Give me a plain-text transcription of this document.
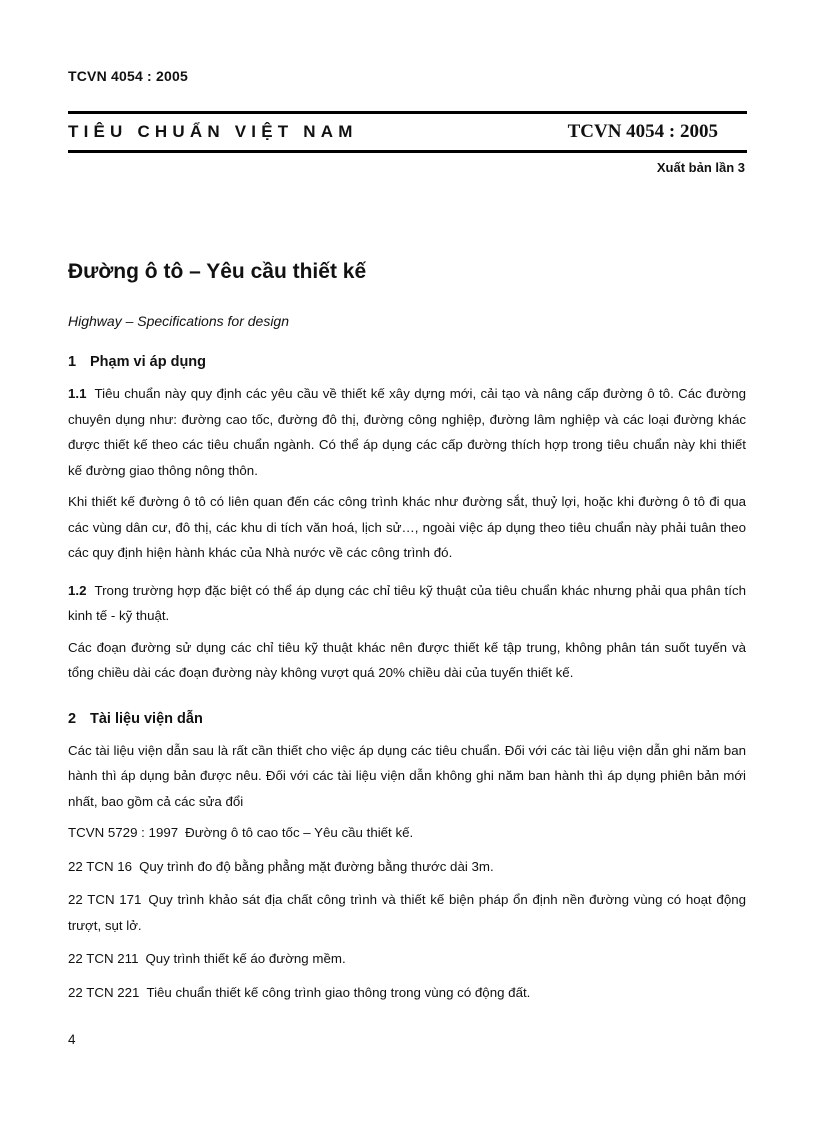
TCVN 4054 : 2005
TIÊU CHUẨN VIỆT NAM	TCVN 4054 : 2005
Xuất bản lần 3
Đường ô tô – Yêu cầu thiết kế
Highway – Specifications for design
1 Phạm vi áp dụng

1.1 Tiêu chuẩn này quy định các yêu cầu về thiết kế xây dựng mới, cải tạo và nâng cấp đường ô tô. Các đường chuyên dụng như: đường cao tốc, đường đô thị, đường công nghiệp, đường lâm nghiệp và các loại đường khác được thiết kế theo các tiêu chuẩn ngành. Có thể áp dụng các cấp đường thích hợp trong tiêu chuẩn này khi thiết kế đường giao thông nông thôn.

Khi thiết kế đường ô tô có liên quan đến các công trình khác như đường sắt, thuỷ lợi, hoặc khi đường ô tô đi qua các vùng dân cư, đô thị, các khu di tích văn hoá, lịch sử…, ngoài việc áp dụng theo tiêu chuẩn này phải tuân theo các quy định hiện hành khác của Nhà nước về các công trình đó.

1.2 Trong trường hợp đặc biệt có thể áp dụng các chỉ tiêu kỹ thuật của tiêu chuẩn khác nhưng phải qua phân tích kinh tế - kỹ thuật.

Các đoạn đường sử dụng các chỉ tiêu kỹ thuật khác nên được thiết kế tập trung, không phân tán suốt tuyến và tổng chiều dài các đoạn đường này không vượt quá 20% chiều dài của tuyến thiết kế.

2 Tài liệu viện dẫn

Các tài liệu viện dẫn sau là rất cần thiết cho việc áp dụng các tiêu chuẩn. Đối với các tài liệu viện dẫn ghi năm ban hành thì áp dụng bản được nêu. Đối với các tài liệu viện dẫn không ghi năm ban hành thì áp dụng phiên bản mới nhất, bao gồm cả các sửa đổi

TCVN 5729 : 1997 Đường ô tô cao tốc – Yêu cầu thiết kế.

22 TCN 16 Quy trình đo độ bằng phẳng mặt đường bằng thước dài 3m.

22 TCN 171 Quy trình khảo sát địa chất công trình và thiết kế biện pháp ổn định nền đường vùng có hoạt động trượt, sụt lở.

22 TCN 211 Quy trình thiết kế áo đường mềm.

22 TCN 221 Tiêu chuẩn thiết kế công trình giao thông trong vùng có động đất.

4
